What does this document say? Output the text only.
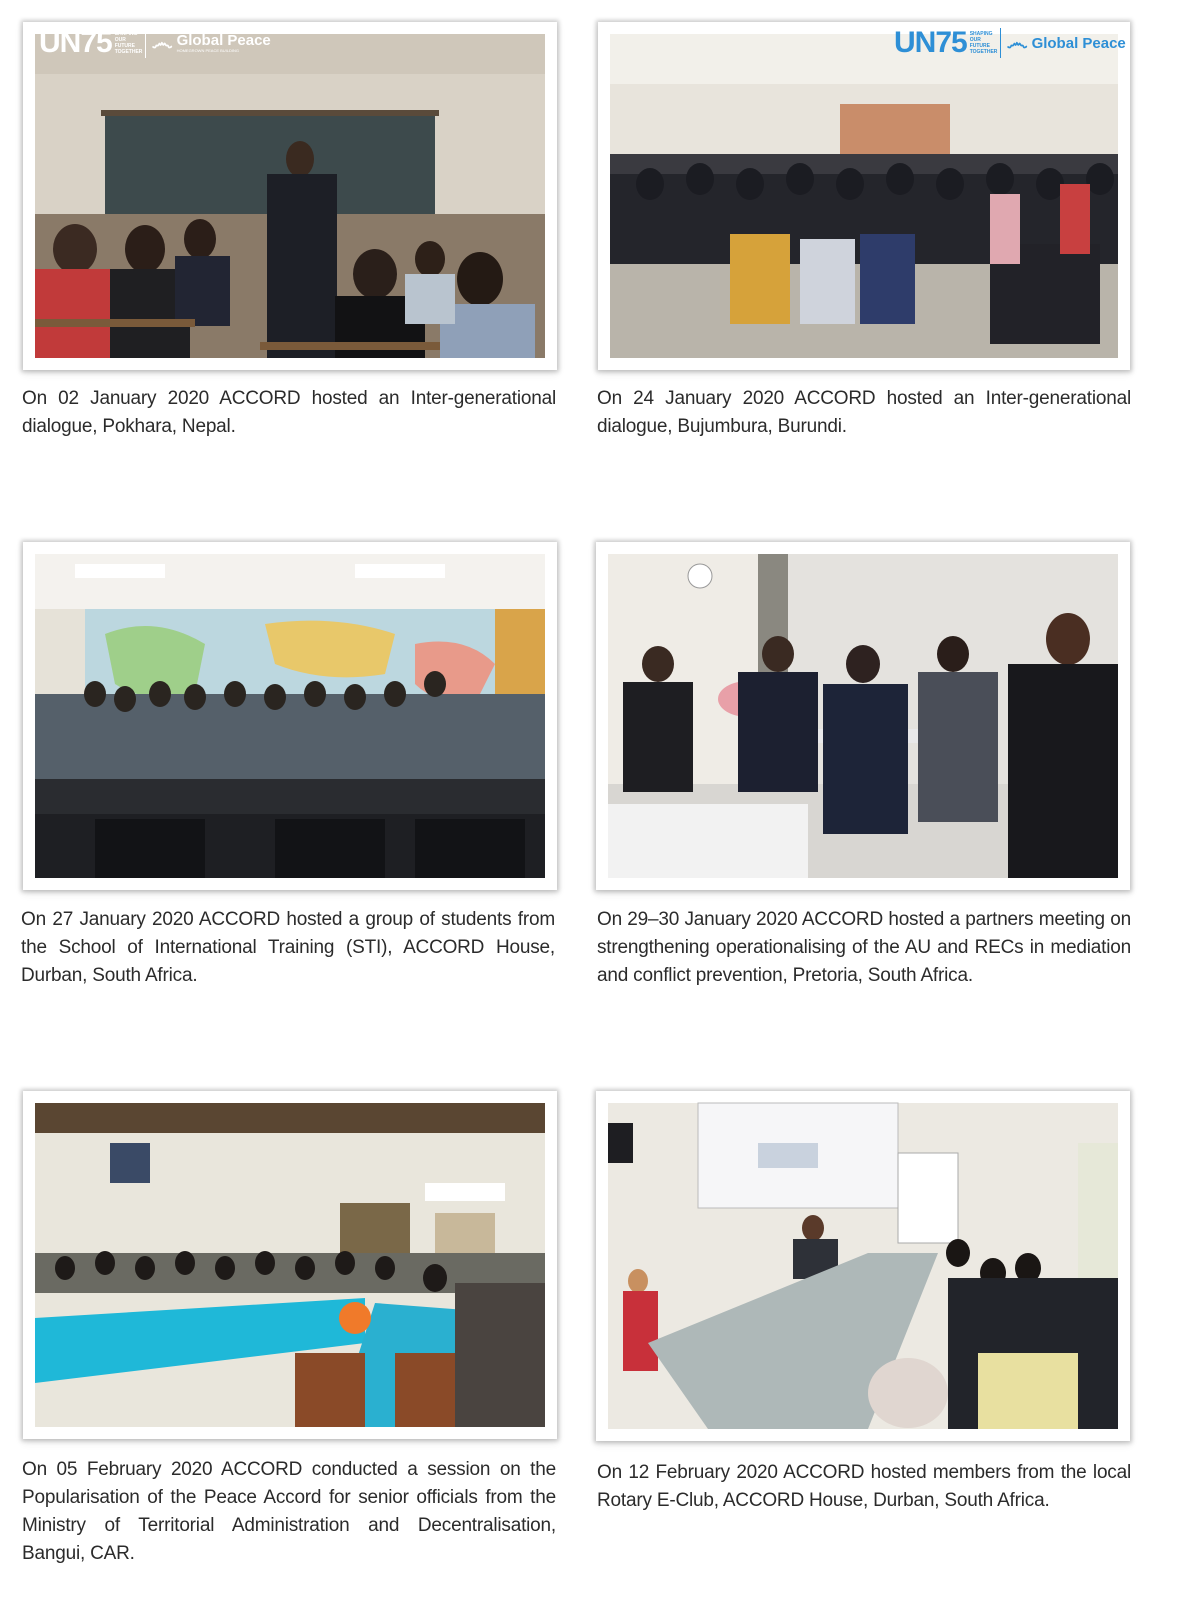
UN75 SHAPING OUR FUTURE TOGETHER ෴ Global Peace
HOMEGROWN PEACE BUILDING

On 02 January 2020 ACCORD hosted an Inter-generational dialogue, Pokhara, Nepal.

UN75 SHAPING OUR FUTURE TOGETHER ෴ Global Peace

On 24 January 2020 ACCORD hosted an Inter-generational dialogue, Bujumbura, Burundi.

On 27 January 2020 ACCORD hosted a group of students from the School of International Training (STI), ACCORD House, Durban, South Africa.

On 29–30 January 2020 ACCORD hosted a partners meeting on strengthening operationalising of the AU and RECs in mediation and conflict prevention, Pretoria, South Africa.

On 05 February 2020 ACCORD conducted a session on the Popularisation of the Peace Accord for senior officials from the Ministry of Territorial Administration and Decentralisation, Bangui, CAR.

On 12 February 2020 ACCORD hosted members from the local Rotary E-Club, ACCORD House, Durban, South Africa.
